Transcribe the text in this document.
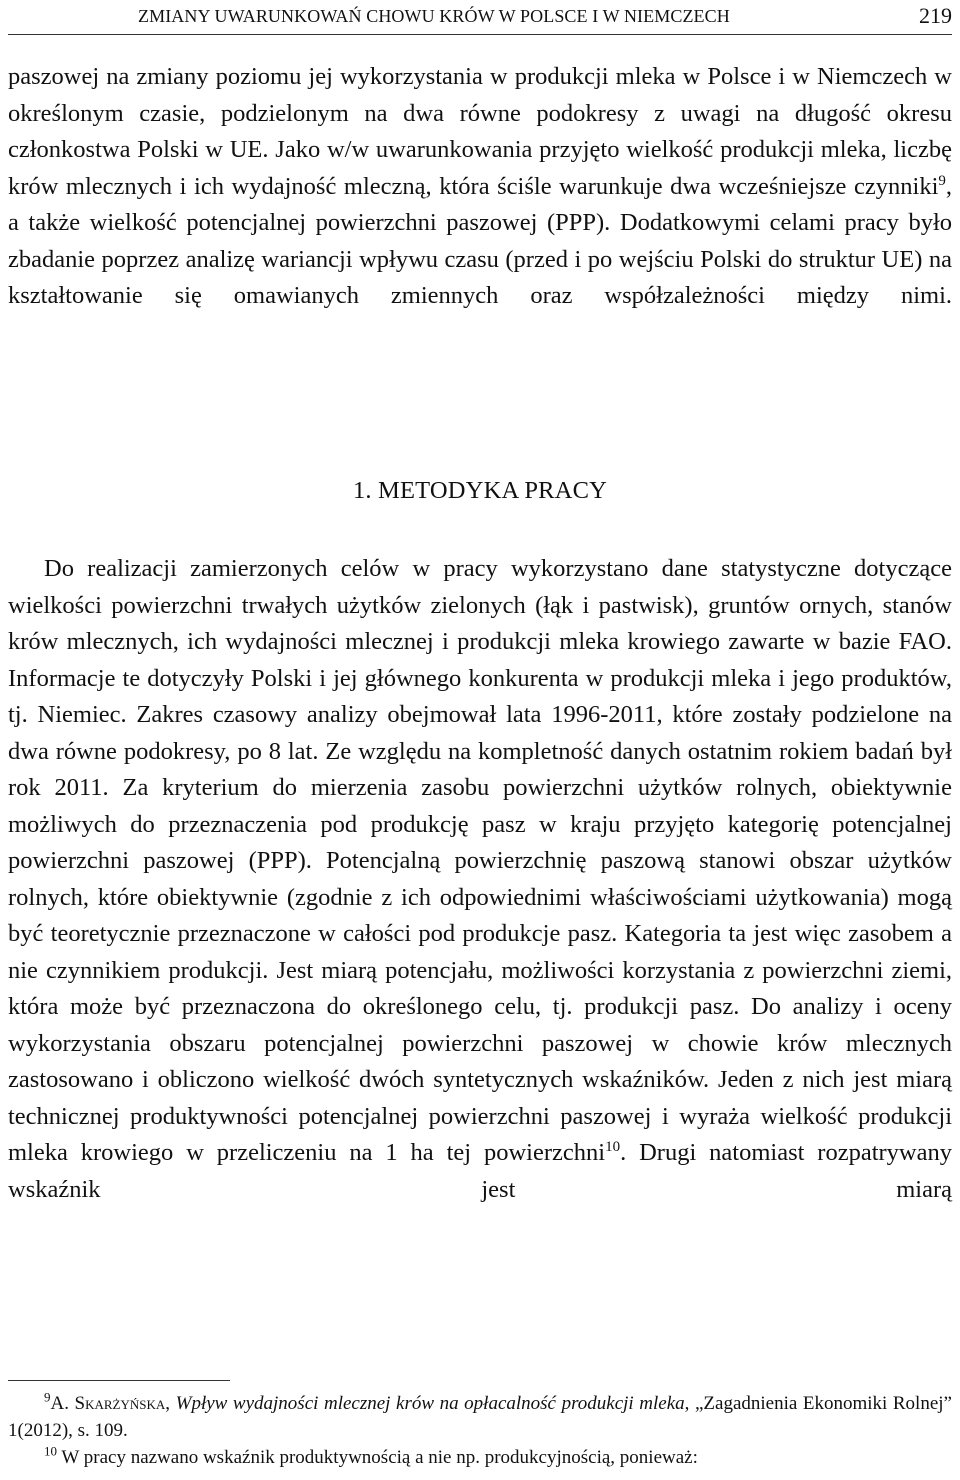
ZMIANY UWARUNKOWAŃ CHOWU KRÓW W POLSCE I W NIEMCZECH	219

paszowej na zmiany poziomu jej wykorzystania w produkcji mleka w Polsce i w Niemczech w określonym czasie, podzielonym na dwa równe podokresy z uwagi na długość okresu członkostwa Polski w UE. Jako w/w uwarunkowania przyjęto wielkość produkcji mleka, liczbę krów mlecznych i ich wydajność mleczną, która ściśle warunkuje dwa wcześniejsze czynniki$^9$, a także wielkość potencjalnej powierzchni paszowej (PPP). Dodatkowymi celami pracy było zbadanie poprzez analizę wariancji wpływu czasu (przed i po wejściu Polski do struktur UE) na kształtowanie się omawianych zmiennych oraz współzależności między nimi.

1. METODYKA PRACY

Do realizacji zamierzonych celów w pracy wykorzystano dane statystyczne dotyczące wielkości powierzchni trwałych użytków zielonych (łąk i pastwisk), gruntów ornych, stanów krów mlecznych, ich wydajności mlecznej i produkcji mleka krowiego zawarte w bazie FAO. Informacje te dotyczyły Polski i jej głównego konkurenta w produkcji mleka i jego produktów, tj. Niemiec. Zakres czasowy analizy obejmował lata 1996-2011, które zostały podzielone na dwa równe podokresy, po 8 lat. Ze względu na kompletność danych ostatnim rokiem badań był rok 2011. Za kryterium do mierzenia zasobu powierzchni użytków rolnych, obiektywnie możliwych do przeznaczenia pod produkcję pasz w kraju przyjęto kategorię potencjalnej powierzchni paszowej (PPP). Potencjalną powierzchnię paszową stanowi obszar użytków rolnych, które obiektywnie (zgodnie z ich odpowiednimi właściwościami użytkowania) mogą być teoretycznie przeznaczone w całości pod produkcje pasz. Kategoria ta jest więc zasobem a nie czynnikiem produkcji. Jest miarą potencjału, możliwości korzystania z powierzchni ziemi, która może być przeznaczona do określonego celu, tj. produkcji pasz. Do analizy i oceny wykorzystania obszaru potencjalnej powierzchni paszowej w chowie krów mlecznych zastosowano i obliczono wielkość dwóch syntetycznych wskaźników. Jeden z nich jest miarą technicznej produktywności potencjalnej powierzchni paszowej i wyraża wielkość produkcji mleka krowiego w przeliczeniu na 1 ha tej powierzchni$^{10}$. Drugi natomiast rozpatrywany wskaźnik jest miarą

$^9$A. Skarżyńska, Wpływ wydajności mlecznej krów na opłacalność produkcji mleka, „Zagadnienia Ekonomiki Rolnej” 1(2012), s. 109.

$^{10}$ W pracy nazwano wskaźnik produktywnością a nie np. produkcyjnością, ponieważ:
